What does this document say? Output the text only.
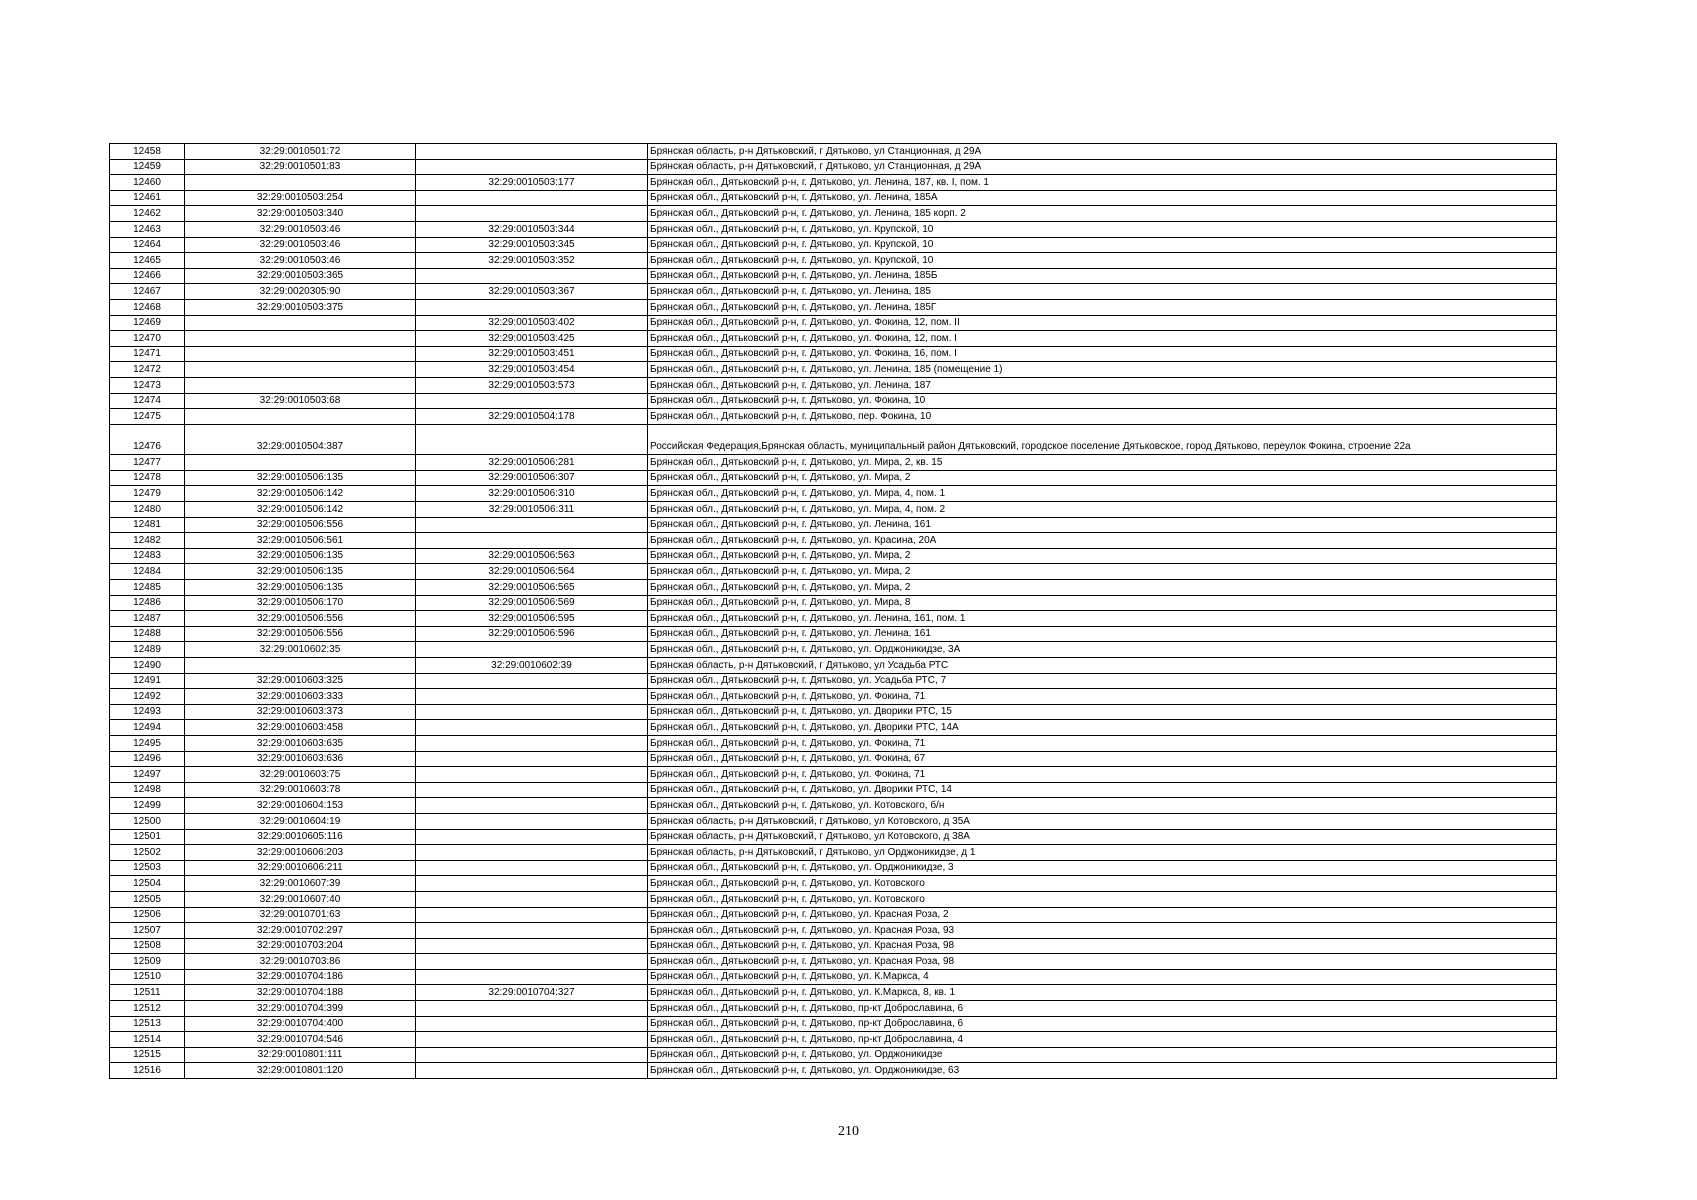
12458	32:29:0010501:72		Брянская область, р-н Дятьковский, г Дятьково, ул Станционная, д 29А
12459	32:29:0010501:83		Брянская область, р-н Дятьковский, г Дятьково, ул Станционная, д 29А
12460		32:29:0010503:177	Брянская обл., Дятьковский р-н, г. Дятьково, ул. Ленина, 187, кв. I, пом. 1
12461	32:29:0010503:254		Брянская обл., Дятьковский р-н, г. Дятьково, ул. Ленина, 185А
12462	32:29:0010503:340		Брянская обл., Дятьковский р-н, г. Дятьково, ул. Ленина, 185 корп. 2
12463	32:29:0010503:46	32:29:0010503:344	Брянская обл., Дятьковский р-н, г. Дятьково, ул. Крупской, 10
12464	32:29:0010503:46	32:29:0010503:345	Брянская обл., Дятьковский р-н, г. Дятьково, ул. Крупской, 10
12465	32:29:0010503:46	32:29:0010503:352	Брянская обл., Дятьковский р-н, г. Дятьково, ул. Крупской, 10
12466	32:29:0010503:365		Брянская обл., Дятьковский р-н, г. Дятьково, ул. Ленина, 185Б
12467	32:29:0020305:90	32:29:0010503:367	Брянская обл., Дятьковский р-н, г. Дятьково, ул. Ленина, 185
12468	32:29:0010503:375		Брянская обл., Дятьковский р-н, г. Дятьково, ул. Ленина, 185Г
12469		32:29:0010503:402	Брянская обл., Дятьковский р-н, г. Дятьково, ул. Фокина, 12, пом. II
12470		32:29:0010503:425	Брянская обл., Дятьковский р-н, г. Дятьково, ул. Фокина, 12, пом. I
12471		32:29:0010503:451	Брянская обл., Дятьковский р-н, г. Дятьково, ул. Фокина, 16, пом. I
12472		32:29:0010503:454	Брянская обл., Дятьковский р-н, г. Дятьково, ул. Ленина, 185 (помещение 1)
12473		32:29:0010503:573	Брянская обл., Дятьковский р-н, г. Дятьково, ул. Ленина, 187
12474	32:29:0010503:68		Брянская обл., Дятьковский р-н, г. Дятьково, ул. Фокина, 10
12475		32:29:0010504:178	Брянская обл., Дятьковский р-н, г. Дятьково, пер. Фокина, 10
12476	32:29:0010504:387		Российская Федерация,Брянская область, муниципальный район Дятьковский, городское поселение Дятьковское, город Дятьково, переулок Фокина, строение 22а
12477		32:29:0010506:281	Брянская обл., Дятьковский р-н, г. Дятьково, ул. Мира, 2, кв. 15
12478	32:29:0010506:135	32:29:0010506:307	Брянская обл., Дятьковский р-н, г. Дятьково, ул. Мира, 2
12479	32:29:0010506:142	32:29:0010506:310	Брянская обл., Дятьковский р-н, г. Дятьково, ул. Мира, 4, пом. 1
12480	32:29:0010506:142	32:29:0010506:311	Брянская обл., Дятьковский р-н, г. Дятьково, ул. Мира, 4, пом. 2
12481	32:29:0010506:556		Брянская обл., Дятьковский р-н, г. Дятьково, ул. Ленина, 161
12482	32:29:0010506:561		Брянская обл., Дятьковский р-н, г. Дятьково, ул. Красина, 20А
12483	32:29:0010506:135	32:29:0010506:563	Брянская обл., Дятьковский р-н, г. Дятьково, ул. Мира, 2
12484	32:29:0010506:135	32:29:0010506:564	Брянская обл., Дятьковский р-н, г. Дятьково, ул. Мира, 2
12485	32:29:0010506:135	32:29:0010506:565	Брянская обл., Дятьковский р-н, г. Дятьково, ул. Мира, 2
12486	32:29:0010506:170	32:29:0010506:569	Брянская обл., Дятьковский р-н, г. Дятьково, ул. Мира, 8
12487	32:29:0010506:556	32:29:0010506:595	Брянская обл., Дятьковский р-н, г. Дятьково, ул. Ленина, 161, пом. 1
12488	32:29:0010506:556	32:29:0010506:596	Брянская обл., Дятьковский р-н, г. Дятьково, ул. Ленина, 161
12489	32:29:0010602:35		Брянская обл., Дятьковский р-н, г. Дятьково, ул. Орджоникидзе, 3А
12490		32:29:0010602:39	Брянская область, р-н Дятьковский, г Дятьково, ул Усадьба РТС
12491	32:29:0010603:325		Брянская обл., Дятьковский р-н, г. Дятьково, ул. Усадьба РТС, 7
12492	32:29:0010603:333		Брянская обл., Дятьковский р-н, г. Дятьково, ул. Фокина, 71
12493	32:29:0010603:373		Брянская обл., Дятьковский р-н, г. Дятьково, ул. Дворики РТС, 15
12494	32:29:0010603:458		Брянская обл., Дятьковский р-н, г. Дятьково, ул. Дворики РТС, 14А
12495	32:29:0010603:635		Брянская обл., Дятьковский р-н, г. Дятьково, ул. Фокина, 71
12496	32:29:0010603:636		Брянская обл., Дятьковский р-н, г. Дятьково, ул. Фокина, 67
12497	32:29:0010603:75		Брянская обл., Дятьковский р-н, г. Дятьково, ул. Фокина, 71
12498	32:29:0010603:78		Брянская обл., Дятьковский р-н, г. Дятьково, ул. Дворики РТС, 14
12499	32:29:0010604:153		Брянская обл., Дятьковский р-н, г. Дятьково, ул. Котовского, б/н
12500	32:29:0010604:19		Брянская область, р-н Дятьковский, г Дятьково, ул Котовского, д 35А
12501	32:29:0010605:116		Брянская область, р-н Дятьковский, г Дятьково, ул Котовского, д 38А
12502	32:29:0010606:203		Брянская область, р-н Дятьковский, г Дятьково, ул Орджоникидзе, д 1
12503	32:29:0010606:211		Брянская обл., Дятьковский р-н, г. Дятьково, ул. Орджоникидзе, 3
12504	32:29:0010607:39		Брянская обл., Дятьковский р-н, г. Дятьково, ул. Котовского
12505	32:29:0010607:40		Брянская обл., Дятьковский р-н, г. Дятьково, ул. Котовского
12506	32:29:0010701:63		Брянская обл., Дятьковский р-н, г. Дятьково, ул. Красная Роза, 2
12507	32:29:0010702:297		Брянская обл., Дятьковский р-н, г. Дятьково, ул. Красная Роза, 93
12508	32:29:0010703:204		Брянская обл., Дятьковский р-н, г. Дятьково, ул. Красная Роза, 98
12509	32:29:0010703:86		Брянская обл., Дятьковский р-н, г. Дятьково, ул. Красная Роза, 98
12510	32:29:0010704:186		Брянская обл., Дятьковский р-н, г. Дятьково, ул. К.Маркса, 4
12511	32:29:0010704:188	32:29:0010704:327	Брянская обл., Дятьковский р-н, г. Дятьково, ул. К.Маркса, 8, кв. 1
12512	32:29:0010704:399		Брянская обл., Дятьковский р-н, г. Дятьково, пр-кт Доброславина, 6
12513	32:29:0010704:400		Брянская обл., Дятьковский р-н, г. Дятьково, пр-кт Доброславина, 6
12514	32:29:0010704:546		Брянская обл., Дятьковский р-н, г. Дятьково, пр-кт Доброславина, 4
12515	32:29:0010801:111		Брянская обл., Дятьковский р-н, г. Дятьково, ул. Орджоникидзе
12516	32:29:0010801:120		Брянская обл., Дятьковский р-н, г. Дятьково, ул. Орджоникидзе, 63
210
